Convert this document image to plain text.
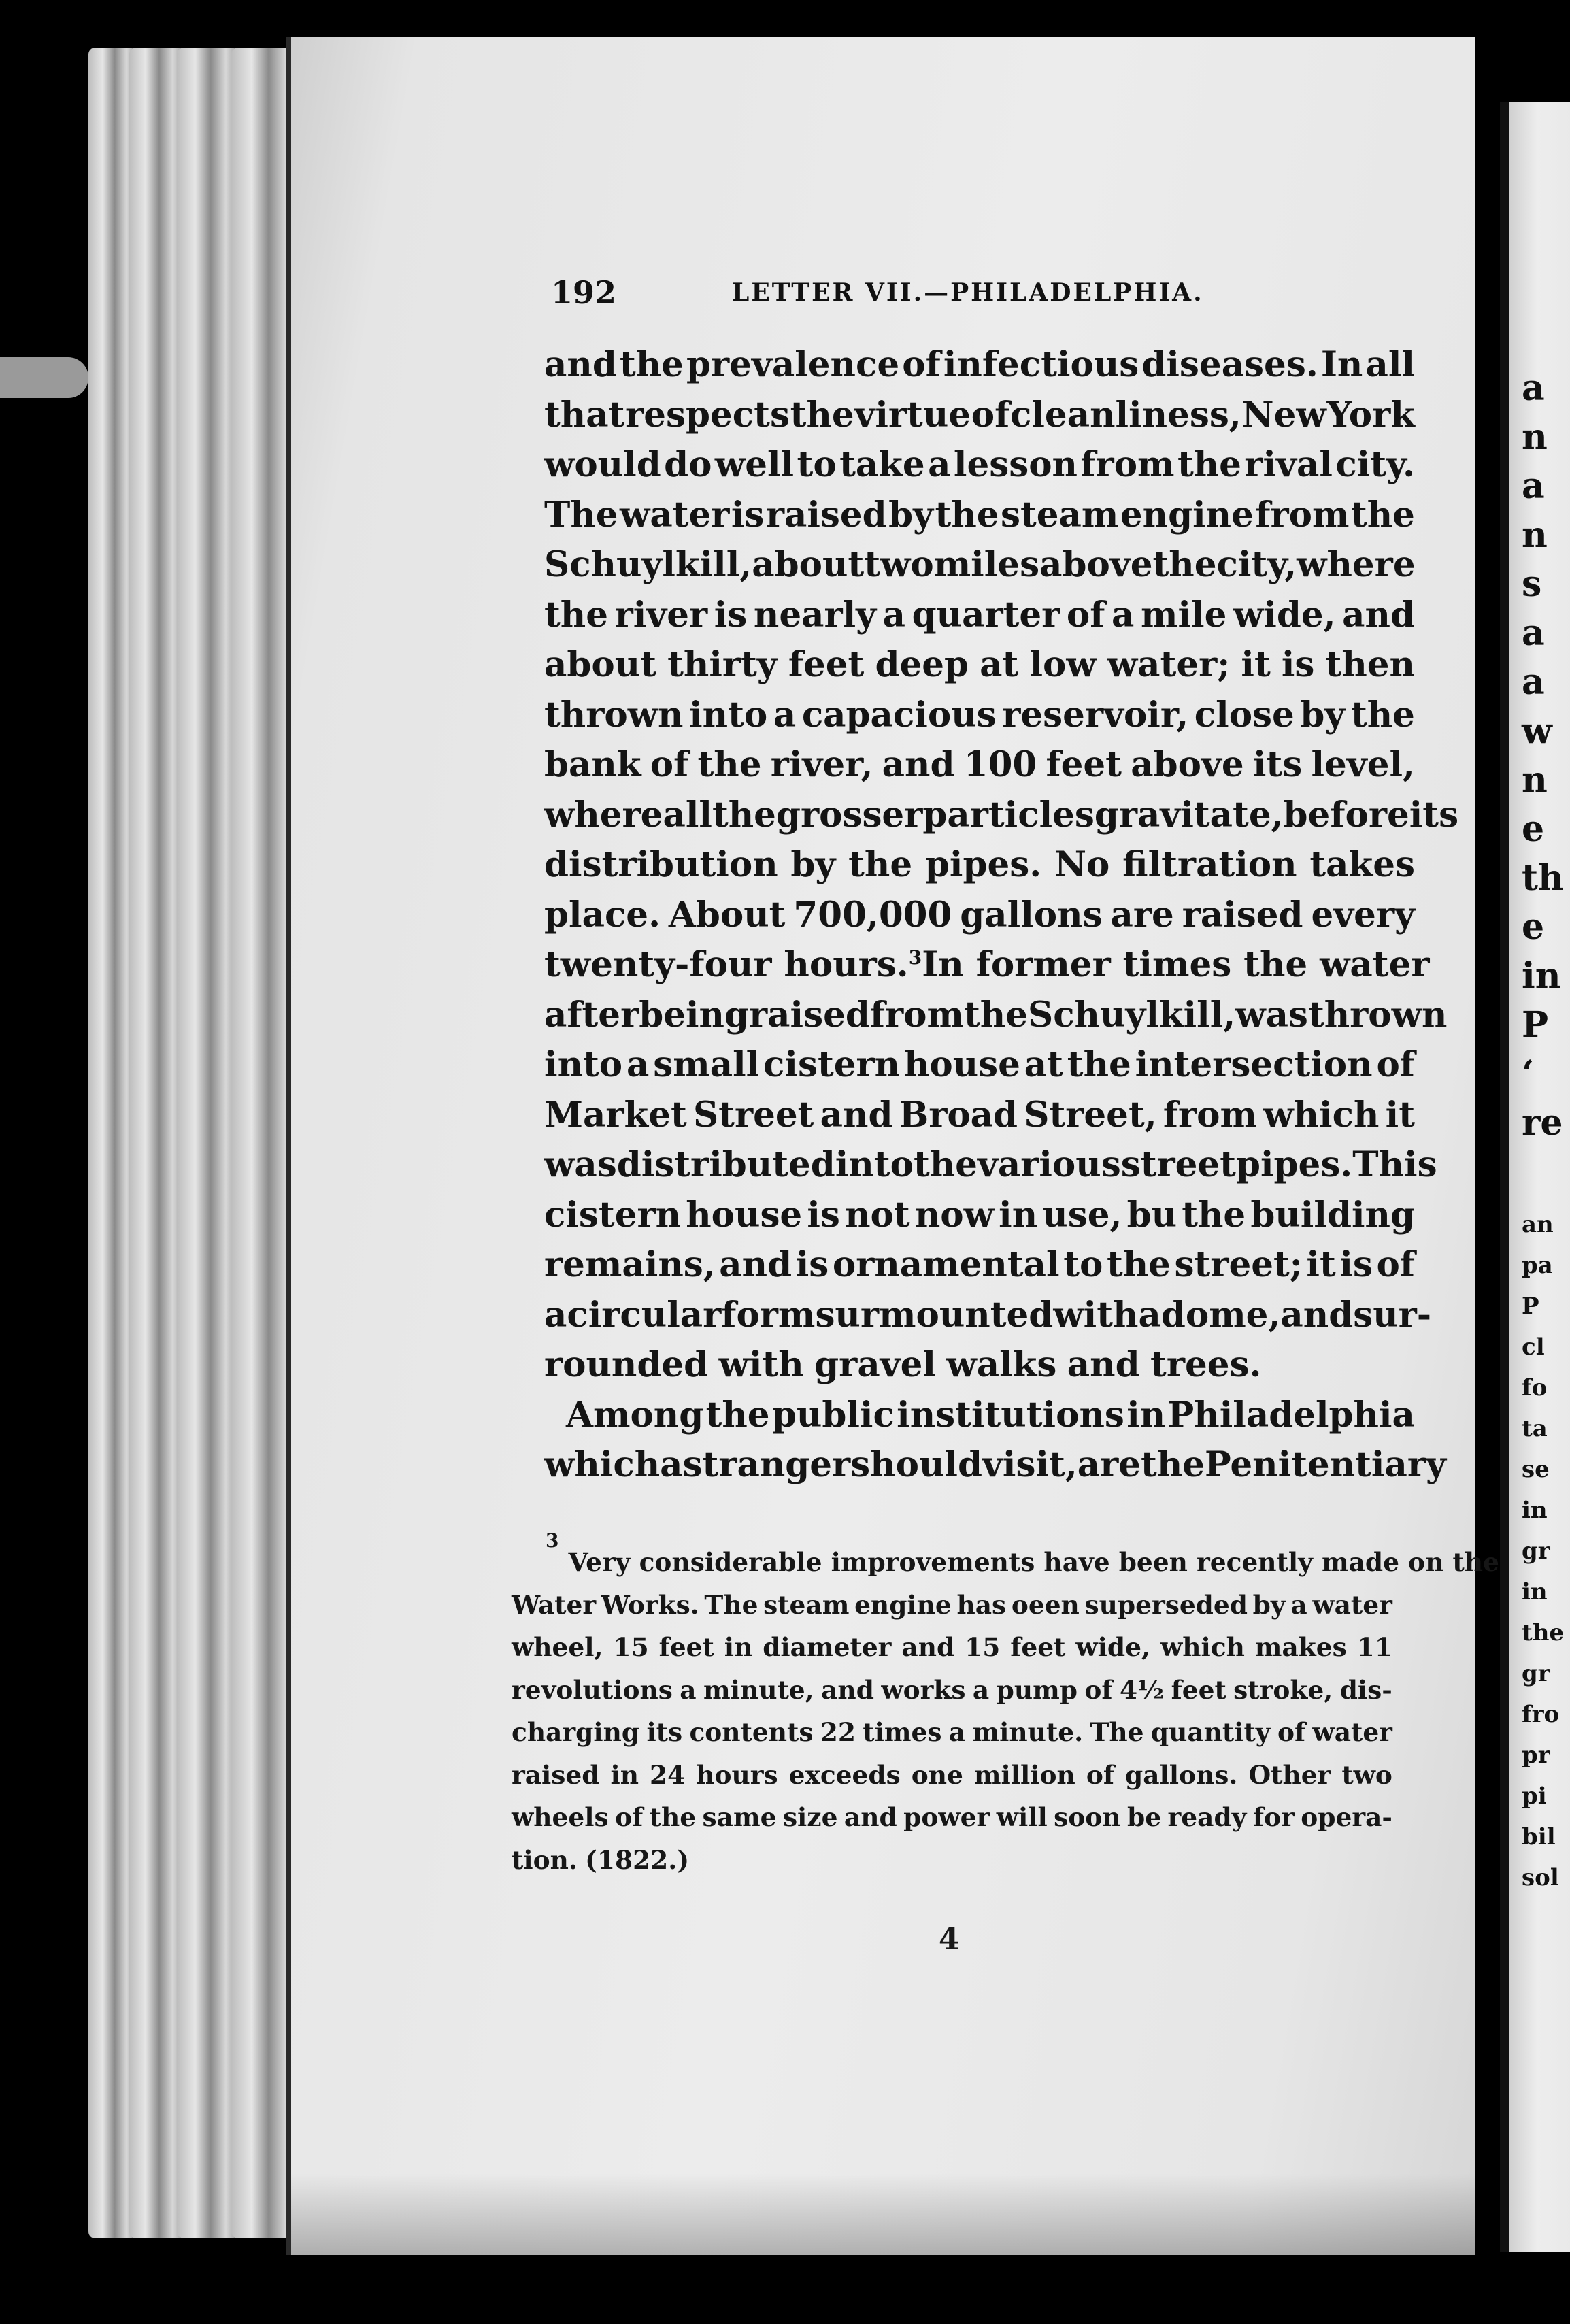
192	LETTER VII.—PHILADELPHIA.
and the prevalence of infectious diseases. In all
that respects the virtue of cleanliness, New York
would do well to take a lesson from the rival city.
The water is raised by the steam engine from the
Schuylkill, about two miles above the city, where
the river is nearly a quarter of a mile wide, and
about thirty feet deep at low water; it is then
thrown into a capacious reservoir, close by the
bank of the river, and 100 feet above its level,
where all the grosser particles gravitate, before its
distribution by the pipes. No filtration takes
place. About 700,000 gallons are raised every
twenty-four hours.$^3$ In former times the water
after being raised from the Schuylkill, was thrown
into a small cistern house at the intersection of
Market Street and Broad Street, from which it
was distributed into the various street pipes. This
cistern house is not now in use, bu the building
remains, and is ornamental to the street; it is of
a circular form surmounted with a dome, and sur-
rounded with gravel walks and trees.
Among the public institutions in Philadelphia
which a stranger should visit, are the Penitentiary
3
Very considerable improvements have been recently made on the
Water Works. The steam engine has oeen superseded by a water
wheel, 15 feet in diameter and 15 feet wide, which makes 11
revolutions a minute, and works a pump of 4½ feet stroke, dis-
charging its contents 22 times a minute. The quantity of water
raised in 24 hours exceeds one million of gallons. Other two
wheels of the same size and power will soon be ready for opera-
tion. (1822.)
4
a
n
a
n
s
a
a
w
n
e
th
e
in
P
‘
re
an
pa
P
cl
fo
ta
se
in
gr
in
the
gr
fro
pr
pi
bil
sol
